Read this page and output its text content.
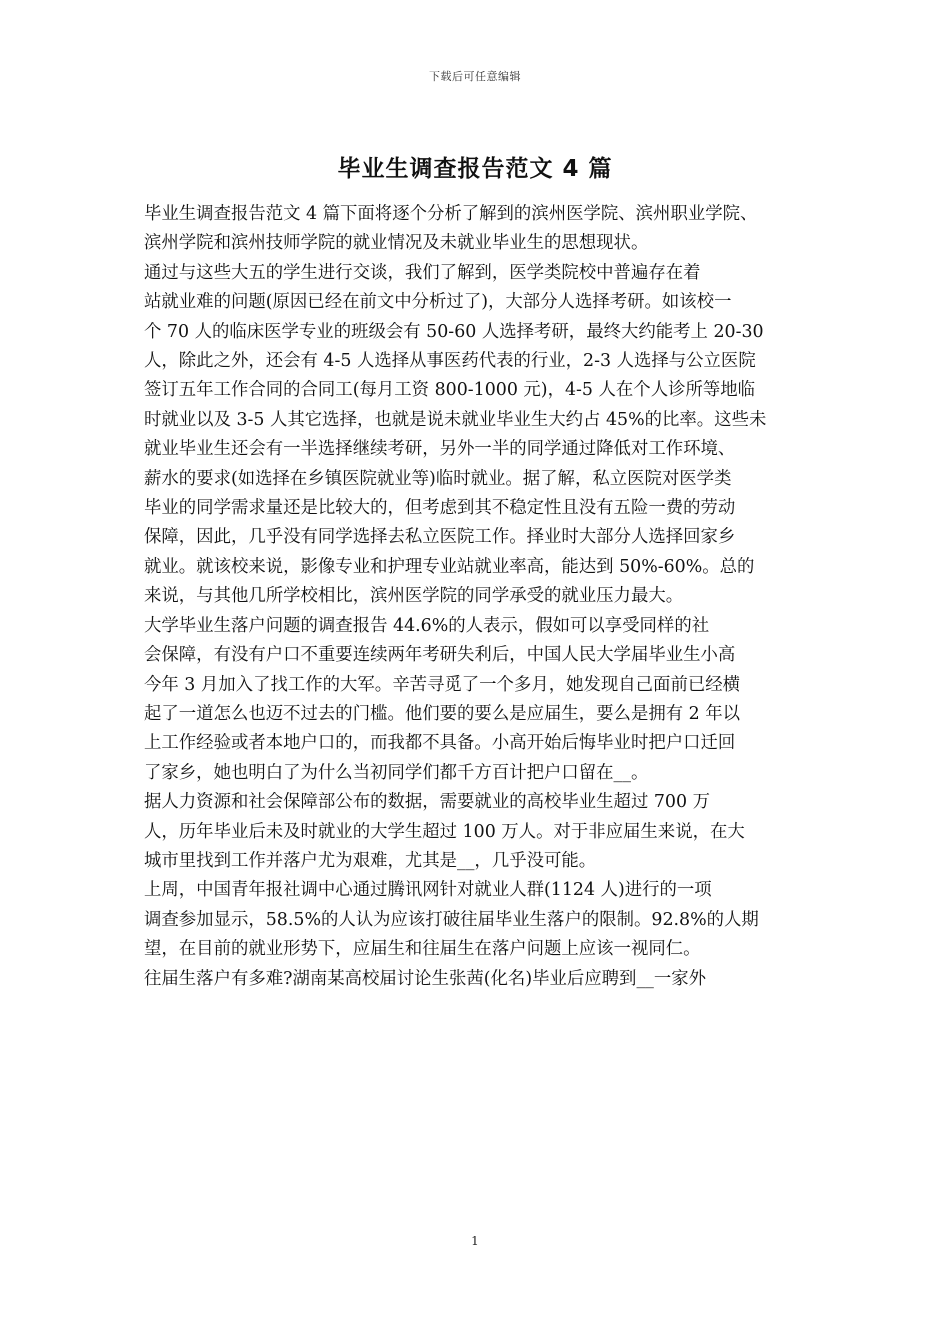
下载后可任意编辑
毕业生调查报告范文 4 篇

毕业生调查报告范文 4 篇下面将逐个分析了解到的滨州医学院、滨州职业学院、
滨州学院和滨州技师学院的就业情况及未就业毕业生的思想现状。

通过与这些大五的学生进行交谈，我们了解到，医学类院校中普遍存在着
站就业难的问题(原因已经在前文中分析过了)，大部分人选择考研。如该校一
个 70 人的临床医学专业的班级会有 50-60 人选择考研，最终大约能考上 20-30
人，除此之外，还会有 4-5 人选择从事医药代表的行业，2-3 人选择与公立医院
签订五年工作合同的合同工(每月工资 800-1000 元)，4-5 人在个人诊所等地临
时就业以及 3-5 人其它选择，也就是说未就业毕业生大约占 45%的比率。这些未
就业毕业生还会有一半选择继续考研，另外一半的同学通过降低对工作环境、
薪水的要求(如选择在乡镇医院就业等)临时就业。据了解，私立医院对医学类
毕业的同学需求量还是比较大的，但考虑到其不稳定性且没有五险一费的劳动
保障，因此，几乎没有同学选择去私立医院工作。择业时大部分人选择回家乡
就业。就该校来说，影像专业和护理专业站就业率高，能达到 50%-60%。总的
来说，与其他几所学校相比，滨州医学院的同学承受的就业压力最大。

大学毕业生落户问题的调查报告 44.6%的人表示，假如可以享受同样的社
会保障，有没有户口不重要连续两年考研失利后，中国人民大学届毕业生小高
今年 3 月加入了找工作的大军。辛苦寻觅了一个多月，她发现自己面前已经横
起了一道怎么也迈不过去的门槛。他们要的要么是应届生，要么是拥有 2 年以
上工作经验或者本地户口的，而我都不具备。小高开始后悔毕业时把户口迁回
了家乡，她也明白了为什么当初同学们都千方百计把户口留在__。

据人力资源和社会保障部公布的数据，需要就业的高校毕业生超过 700 万
人，历年毕业后未及时就业的大学生超过 100 万人。对于非应届生来说，在大
城市里找到工作并落户尤为艰难，尤其是__，几乎没可能。

上周，中国青年报社调中心通过腾讯网针对就业人群(1124 人)进行的一项
调查参加显示，58.5%的人认为应该打破往届毕业生落户的限制。92.8%的人期
望，在目前的就业形势下，应届生和往届生在落户问题上应该一视同仁。

往届生落户有多难?湖南某高校届讨论生张茜(化名)毕业后应聘到__一家外

1
